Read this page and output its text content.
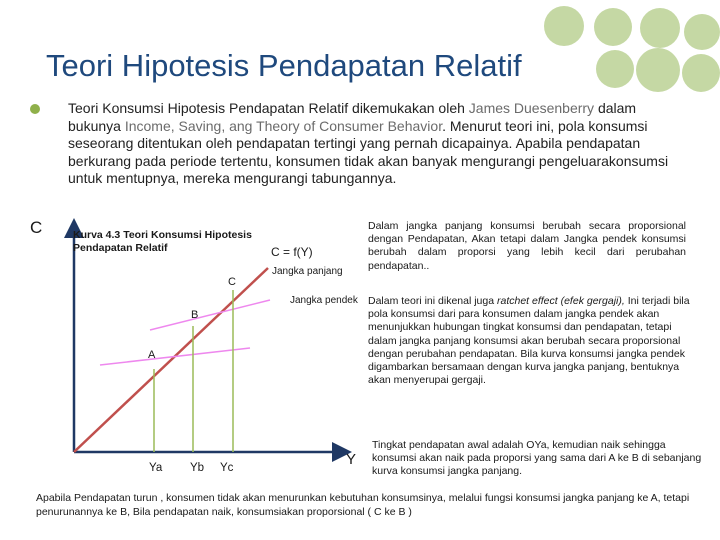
Teori Hipotesis Pendapatan Relatif

Teori Konsumsi Hipotesis Pendapatan Relatif dikemukakan oleh James Duesenberry dalam bukunya Income, Saving, ang Theory of Consumer Behavior. Menurut teori ini, pola konsumsi seseorang ditentukan oleh pendapatan tertingi yang pernah dicapainya. Apabila pendapatan berkurang pada periode tertentu, konsumen tidak akan banyak mengurangi pengeluarakonsumsi untuk mentupnya, mereka mengurangi tabungannya.

C	Kurva 4.3 Teori Konsumsi Hipotesis
Pendapatan Relatif	C = f(Y)
Jangka panjang
Jangka pendek
C
B
A
Ya Yb Yc	Y

Dalam jangka panjang konsumsi berubah secara proporsional dengan Pendapatan, Akan tetapi dalam Jangka pendek konsumsi berubah dalam proporsi yang lebih kecil dari perubahan pendapatan..

Dalam teori ini dikenal juga ratchet effect (efek gergaji), Ini terjadi bila pola konsumsi dari para konsumen dalam jangka pendek akan menunjukkan hubungan tingkat konsumsi dan pendapatan, tetapi dalam jangka panjang konsumsi akan berubah secara proporsional dengan perubahan pendapatan. Bila kurva konsumsi jangka pendek digambarkan bersamaan dengan kurva jangka panjang, bentuknya akan menyerupai gergaji.

Tingkat pendapatan awal adalah OYa, kemudian naik sehingga konsumsi akan naik pada proporsi yang sama dari A ke B di sebanjang kurva konsumsi jangka panjang.

Apabila Pendapatan turun , konsumen tidak akan menurunkan kebutuhan konsumsinya, melalui fungsi konsumsi jangka panjang ke A, tetapi penurunannya ke B, Bila pendapatan naik, konsumsiakan proporsional ( C ke B )
